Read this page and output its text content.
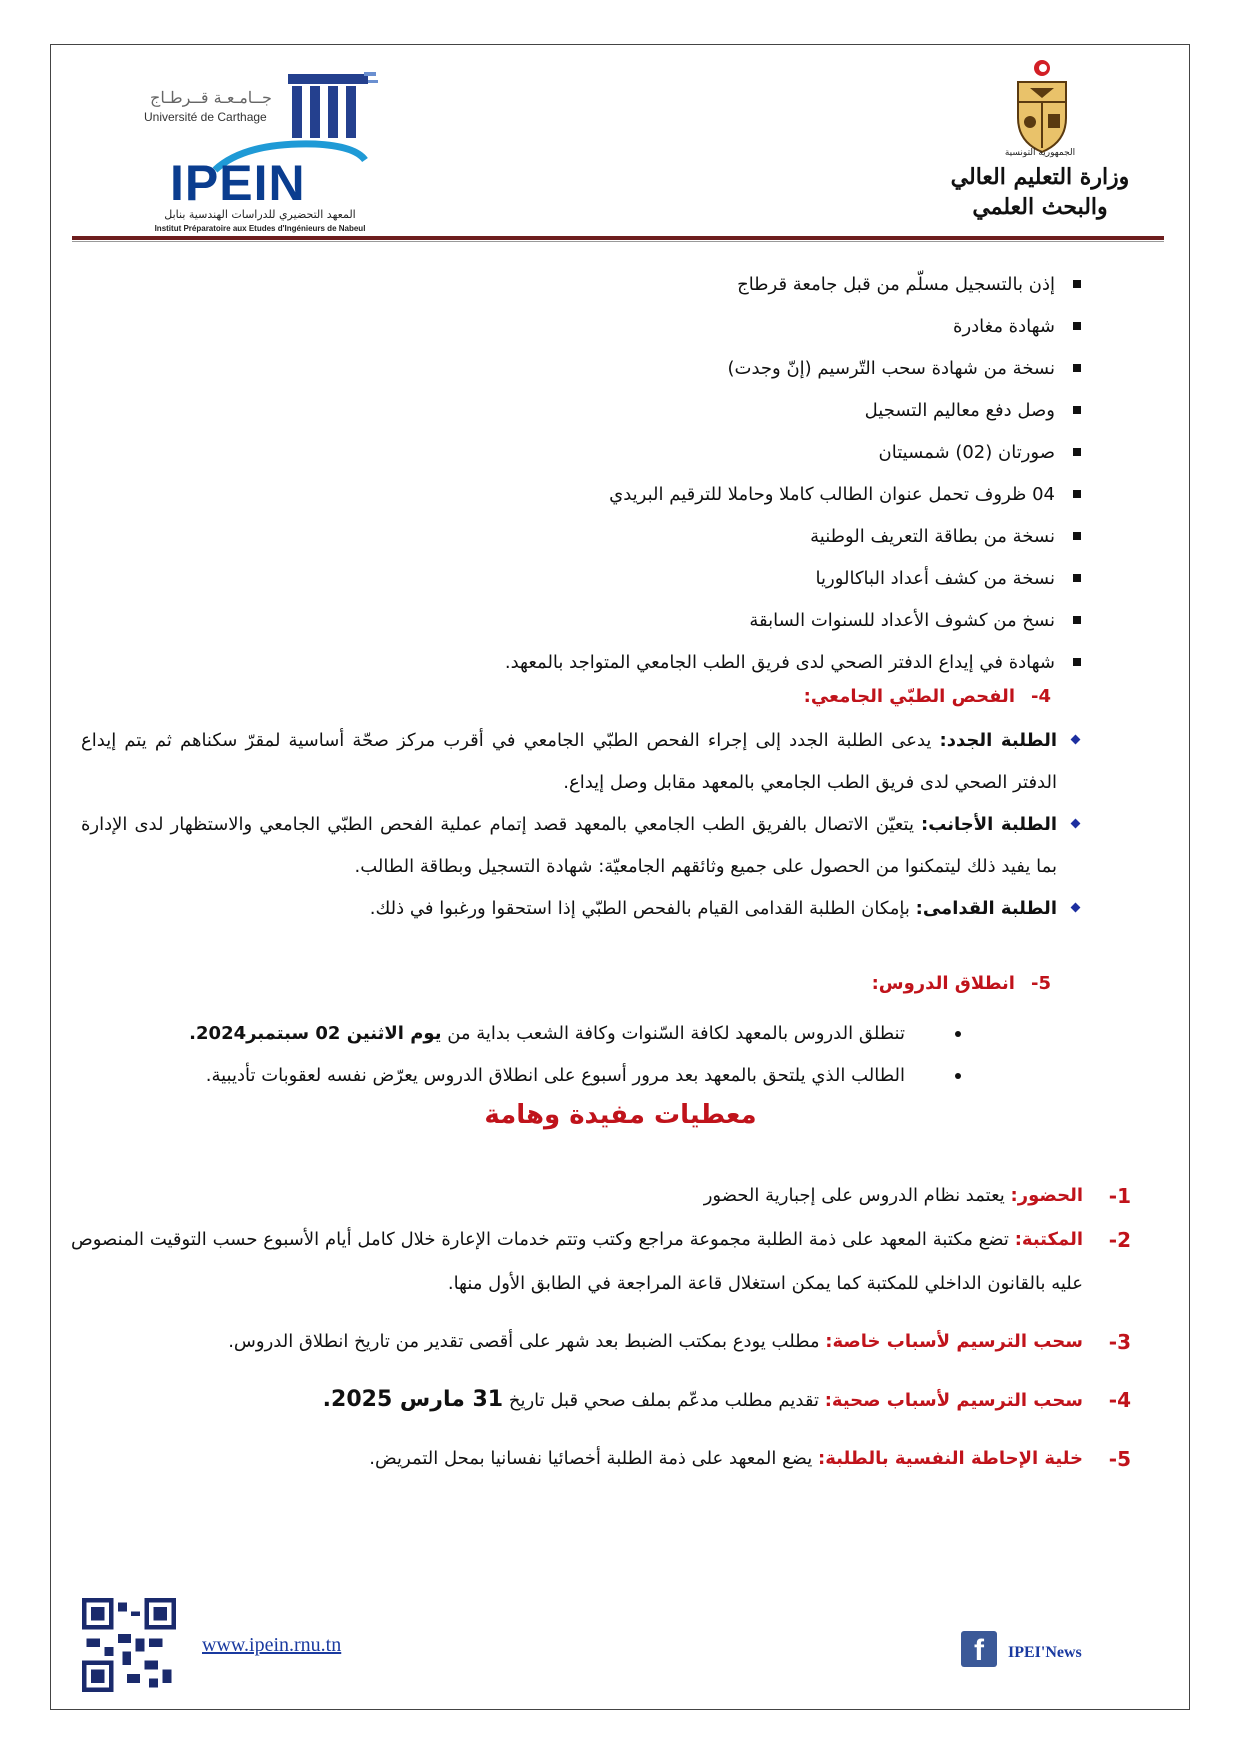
جــامـعـة قــرطـاج
Université de Carthage
IPEIN
المعهد التحضيري للدراسات الهندسية بنابل
Institut Préparatoire aux Etudes d'Ingénieurs de Nabeul
الجمهورية التونسية
وزارة التعليم العالي
والبحث العلمي
إذن بالتسجيل مسلّم من قبل جامعة قرطاج
شهادة مغادرة
نسخة من شهادة سحب التّرسيم (إنّ وجدت)
وصل دفع معاليم التسجيل
صورتان (02) شمسيتان
04 ظروف تحمل عنوان الطالب كاملا وحاملا للترقيم البريدي
نسخة من بطاقة التعريف الوطنية
نسخة من كشف أعداد الباكالوريا
نسخ من كشوف الأعداد للسنوات السابقة
شهادة في إيداع الدفتر الصحي لدى فريق الطب الجامعي المتواجد بالمعهد.
4-الفحص الطبّي الجامعي:
الطلبة الجدد: يدعى الطلبة الجدد إلى إجراء الفحص الطبّي الجامعي في أقرب مركز صحّة أساسية لمقرّ سكناهم ثم يتم إيداع الدفتر الصحي لدى فريق الطب الجامعي بالمعهد مقابل وصل إيداع.
الطلبة الأجانب: يتعيّن الاتصال بالفريق الطب الجامعي بالمعهد قصد إتمام عملية الفحص الطبّي الجامعي والاستظهار لدى الإدارة بما يفيد ذلك ليتمكنوا من الحصول على جميع وثائقهم الجامعيّة: شهادة التسجيل وبطاقة الطالب.
الطلبة القدامى: بإمكان الطلبة القدامى القيام بالفحص الطبّي إذا استحقوا ورغبوا في ذلك.
5-انطلاق الدروس:
تنطلق الدروس بالمعهد لكافة السّنوات وكافة الشعب بداية من يوم الاثنين 02 سبتمبر2024.
الطالب الذي يلتحق بالمعهد بعد مرور أسبوع على انطلاق الدروس يعرّض نفسه لعقوبات تأديبية.
معطيات مفيدة وهامة
1-
الحضور: يعتمد نظام الدروس على إجبارية الحضور
2-
المكتبة: تضع مكتبة المعهد على ذمة الطلبة مجموعة مراجع وكتب وتتم خدمات الإعارة خلال كامل أيام الأسبوع حسب التوقيت المنصوص عليه بالقانون الداخلي للمكتبة كما يمكن استغلال قاعة المراجعة في الطابق الأول منها.
3-
سحب الترسيم لأسباب خاصة: مطلب يودع بمكتب الضبط بعد شهر على أقصى تقدير من تاريخ انطلاق الدروس.
4-
سحب الترسيم لأسباب صحية: تقديم مطلب مدعّم بملف صحي قبل تاريخ 31 مارس 2025.
5-
خلية الإحاطة النفسية بالطلبة: يضع المعهد على ذمة الطلبة أخصائيا نفسانيا بمحل التمريض.
www.ipein.rnu.tn	f	IPEI'News
